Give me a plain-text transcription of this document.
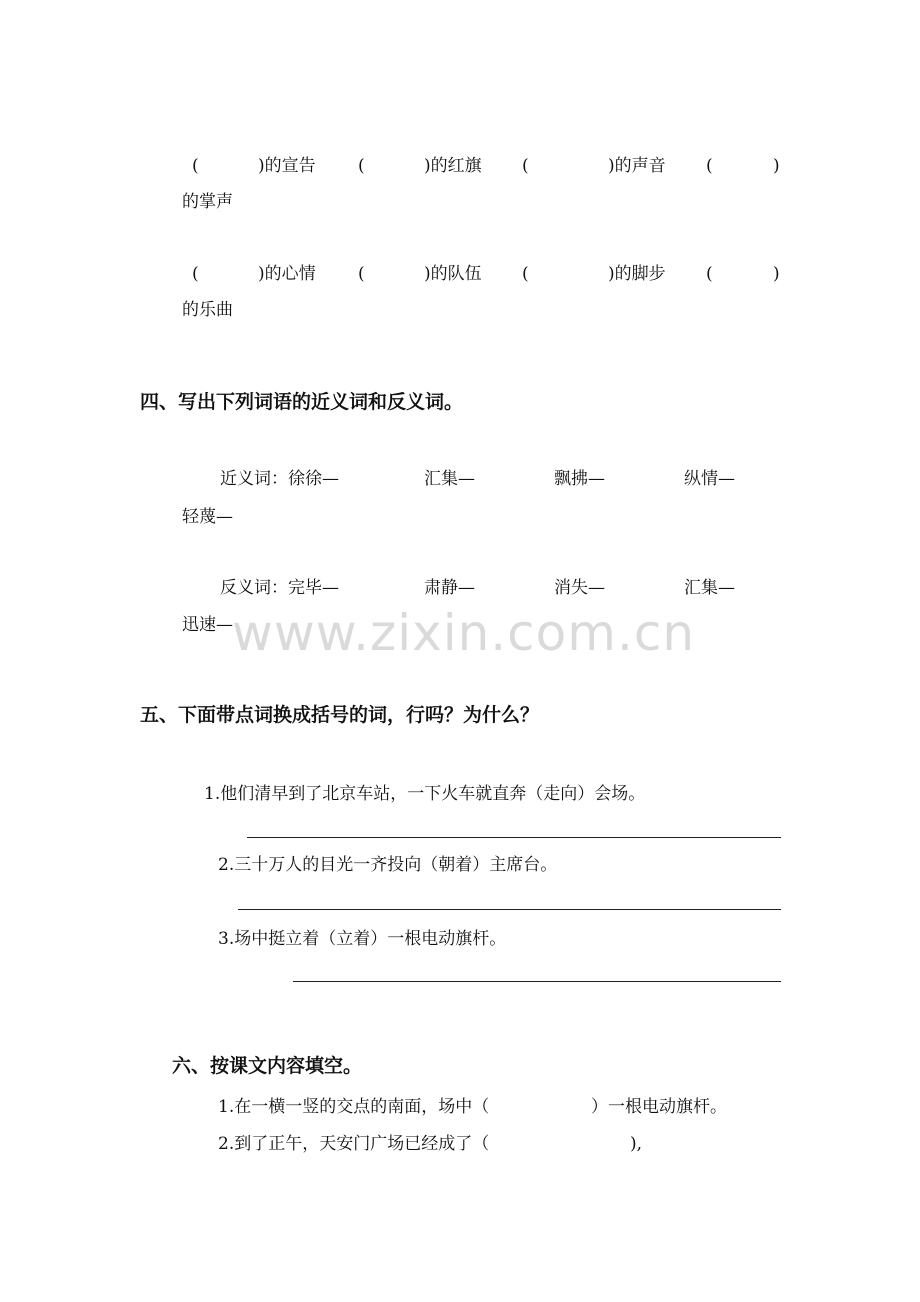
(	)的宣告 (	)的红旗 (	)的声音 (	)
的掌声
(	)的心情 (	)的队伍 (	)的脚步 (	)
的乐曲
四、写出下列词语的近义词和反义词。
近义词：徐徐—	汇集—	飘拂—	纵情—
轻蔑—
反义词：完毕—	肃静—	消失—	汇集—
迅速— www.zixin.com.cn
五、下面带点词换成括号的词，行吗？为什么？
1.他们清早到了北京车站，一下火车就直奔（走向）会场。
2.三十万人的目光一齐投向（朝着）主席台。
3.场中挺立着（立着）一根电动旗杆。
六、按课文内容填空。
1.在一横一竖的交点的南面，场中（	）一根电动旗杆。
2.到了正午，天安门广场已经成了（	),
